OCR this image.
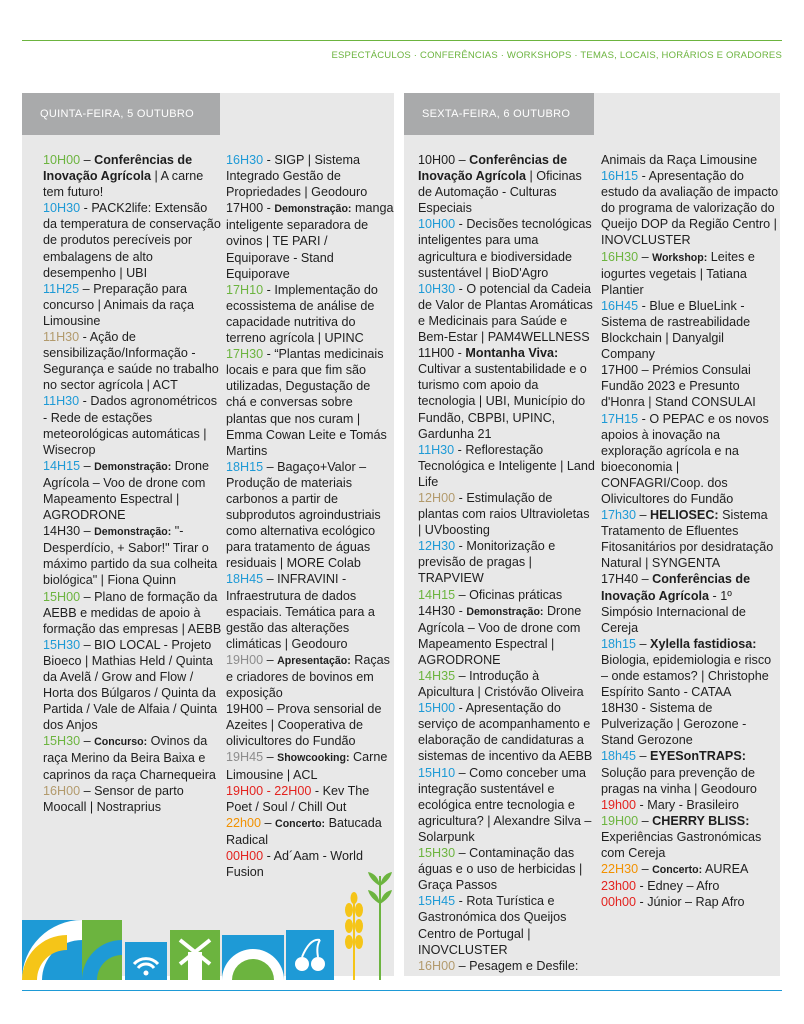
ESPECTÁCULOS · CONFERÊNCIAS · WORKSHOPS · TEMAS, LOCAIS, HORÁRIOS E ORADORES
QUINTA-FEIRA, 5 OUTUBRO	SEXTA-FEIRA, 6 OUTUBRO
10H00 – Conferências de Inovação Agrícola | A carne tem futuro!
10H30 - PACK2life: Extensão da temperatura de conservação de produtos perecíveis por embalagens de alto desempenho | UBI
11H25 – Preparação para concurso | Animais da raça Limousine
11H30 - Ação de sensibilização/Informação - Segurança e saúde no trabalho no sector agrícola | ACT
11H30 - Dados agronométricos - Rede de estações meteorológicas automáticas | Wisecrop
14H15 – Demonstração: Drone Agrícola – Voo de drone com Mapeamento Espectral | AGRODRONE
14H30 – Demonstração: "-Desperdício, + Sabor!" Tirar o máximo partido da sua colheita biológica" | Fiona Quinn
15H00 – Plano de formação da AEBB e medidas de apoio à formação das empresas | AEBB
15H30 – BIO LOCAL - Projeto Bioeco | Mathias Held / Quinta da Avelã / Grow and Flow / Horta dos Búlgaros / Quinta da Partida / Vale de Alfaia / Quinta dos Anjos
15H30 – Concurso: Ovinos da raça Merino da Beira Baixa e caprinos da raça Charnequeira
16H00 – Sensor de parto Moocall | Nostraprius
16H30 - SIGP | Sistema Integrado Gestão de Propriedades | Geodouro
17H00 - Demonstração: manga inteligente separadora de ovinos | TE PARI / Equiporave - Stand Equiporave
17H10 - Implementação do ecossistema de análise de capacidade nutritiva do terreno agrícola | UPINC
17H30 - “Plantas medicinais locais e para que fim são utilizadas, Degustação de chá e conversas sobre plantas que nos curam | Emma Cowan Leite e Tomás Martins
18H15 – Bagaço+Valor – Produção de materiais carbonos a partir de subprodutos agroindustriais como alternativa ecológico para tratamento de águas residuais | MORE Colab
18H45 – INFRAVINI - Infraestrutura de dados espaciais. Temática para a gestão das alterações climáticas | Geodouro
19H00 – Apresentação: Raças e criadores de bovinos em exposição
19H00 – Prova sensorial de Azeites | Cooperativa de olivicultores do Fundão
19H45 – Showcooking: Carne Limousine | ACL
19H00 - 22H00 - Kev The Poet / Soul / Chill Out
22h00 – Concerto: Batucada Radical
00H00 - Ad´Aam - World Fusion
10H00 – Conferências de Inovação Agrícola | Oficinas de Automação - Culturas Especiais
10H00 - Decisões tecnológicas inteligentes para uma agricultura e biodiversidade sustentável | BioD'Agro
10H30 - O potencial da Cadeia de Valor de Plantas Aromáticas e Medicinais para Saúde e Bem-Estar | PAM4WELLNESS
11H00 - Montanha Viva: Cultivar a sustentabilidade e o turismo com apoio da tecnologia | UBI, Município do Fundão, CBPBI, UPINC, Gardunha 21
11H30 - Reflorestação Tecnológica e Inteligente | Land Life
12H00 - Estimulação de plantas com raios Ultravioletas | UVboosting
12H30 - Monitorização e previsão de pragas | TRAPVIEW
14H15 – Oficinas práticas
14H30 - Demonstração: Drone Agrícola – Voo de drone com Mapeamento Espectral | AGRODRONE
14H35 – Introdução à Apicultura | Cristóvão Oliveira
15H00 - Apresentação do serviço de acompanhamento e elaboração de candidaturas a sistemas de incentivo da AEBB
15H10 – Como conceber uma integração sustentável e ecológica entre tecnologia e agricultura? | Alexandre Silva – Solarpunk
15H30 – Contaminação das águas e o uso de herbicidas | Graça Passos
15H45 - Rota Turística e Gastronómica dos Queijos Centro de Portugal | INOVCLUSTER
16H00 – Pesagem e Desfile:
Animais da Raça Limousine
16H15 - Apresentação do estudo da avaliação de impacto do programa de valorização do Queijo DOP da Região Centro | INOVCLUSTER
16H30 – Workshop: Leites e iogurtes vegetais | Tatiana Plantier
16H45 - Blue e BlueLink - Sistema de rastreabilidade Blockchain | Danyalgil Company
17H00 – Prémios Consulai Fundão 2023 e Presunto d'Honra | Stand CONSULAI
17H15 - O PEPAC e os novos apoios à inovação na exploração agrícola e na bioeconomia | CONFAGRI/Coop. dos Olivicultores do Fundão
17h30 – HELIOSEC: Sistema Tratamento de Efluentes Fitosanitários por desidratação Natural | SYNGENTA
17H40 – Conferências de Inovação Agrícola - 1º Simpósio Internacional de Cereja
18h15 – Xylella fastidiosa: Biologia, epidemiologia e risco – onde estamos? | Christophe Espírito Santo - CATAA
18H30 - Sistema de Pulverização | Gerozone - Stand Gerozone
18h45 – EYESonTRAPS: Solução para prevenção de pragas na vinha | Geodouro
19h00 - Mary - Brasileiro
19H00 – CHERRY BLISS: Experiências Gastronómicas com Cereja
22H30 – Concerto: AUREA
23h00 - Edney – Afro
00h00 - Júnior – Rap Afro
